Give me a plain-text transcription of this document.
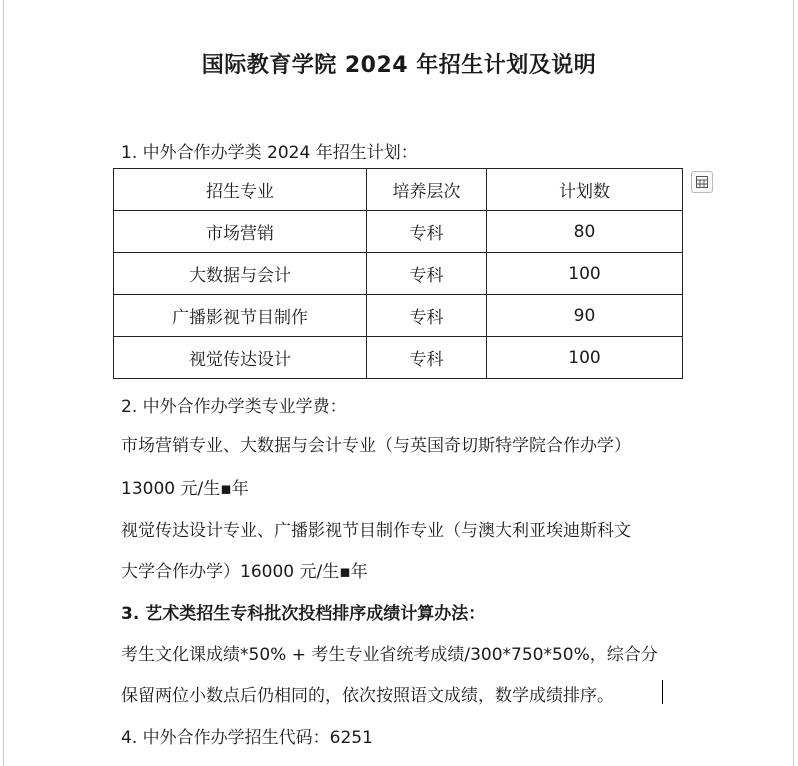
国际教育学院 2024 年招生计划及说明
1. 中外合作办学类 2024 年招生计划：
招生专业	培养层次	计划数
市场营销	专科	80
大数据与会计	专科	100
广播影视节目制作	专科	90
视觉传达设计	专科	100
2. 中外合作办学类专业学费：
市场营销专业、大数据与会计专业（与英国奇切斯特学院合作办学）
13000 元/生▪年
视觉传达设计专业、广播影视节目制作专业（与澳大利亚埃迪斯科文
大学合作办学）16000 元/生▪年
3. 艺术类招生专科批次投档排序成绩计算办法：
考生文化课成绩*50% + 考生专业省统考成绩/300*750*50%，综合分
保留两位小数点后仍相同的，依次按照语文成绩，数学成绩排序。
4. 中外合作办学招生代码：6251
